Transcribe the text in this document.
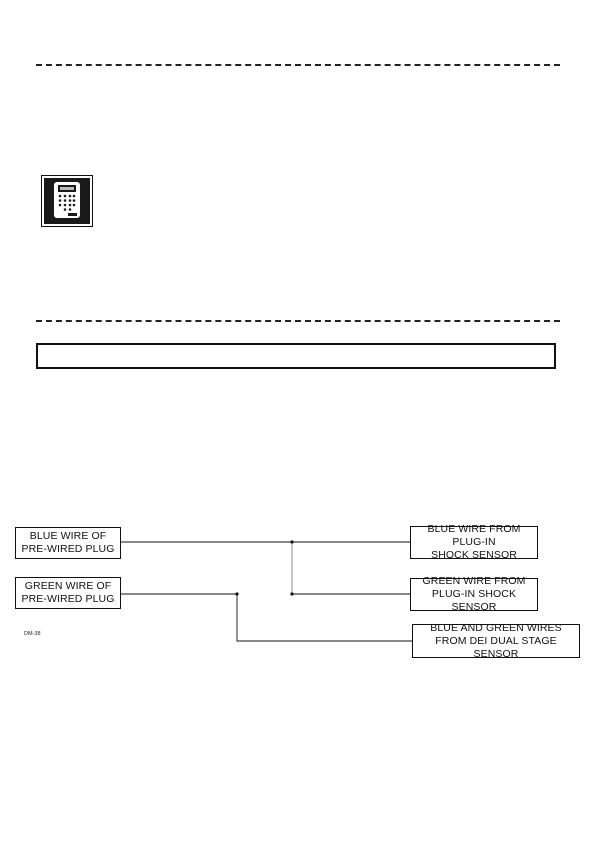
BLUE WIRE OF
PRE-WIRED PLUG
GREEN WIRE OF
PRE-WIRED PLUG
BLUE WIRE FROM PLUG-IN
SHOCK SENSOR
GREEN WIRE FROM
PLUG-IN SHOCK SENSOR
BLUE AND GREEN WIRES
FROM DEI DUAL STAGE SENSOR
DM-38
